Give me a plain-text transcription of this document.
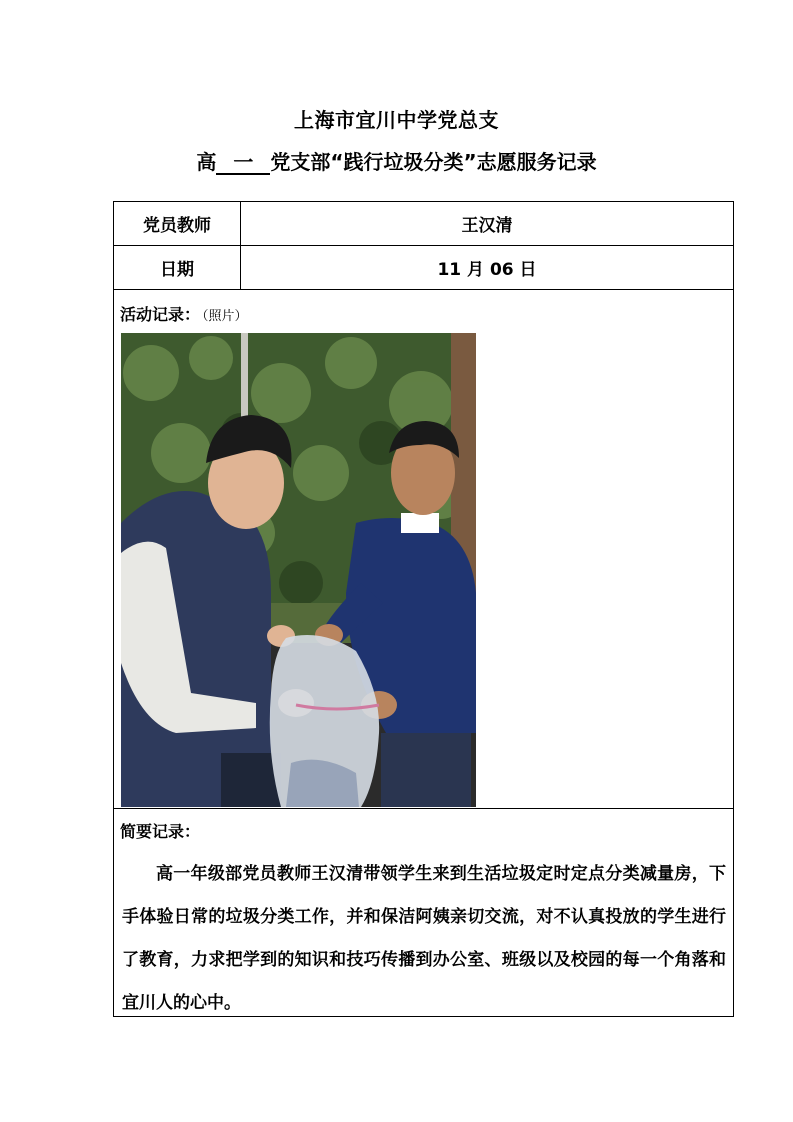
上海市宜川中学党总支
高 一 党支部“践行垃圾分类”志愿服务记录
党员教师	王汉清
日期	11 月 06 日

活动记录： （照片）	

简要记录：
高一年级部党员教师王汉清带领学生来到生活垃圾定时定点分类减量房，下手体验日常的垃圾分类工作，并和保洁阿姨亲切交流，对不认真投放的学生进行了教育，力求把学到的知识和技巧传播到办公室、班级以及校园的每一个角落和宜川人的心中。	
